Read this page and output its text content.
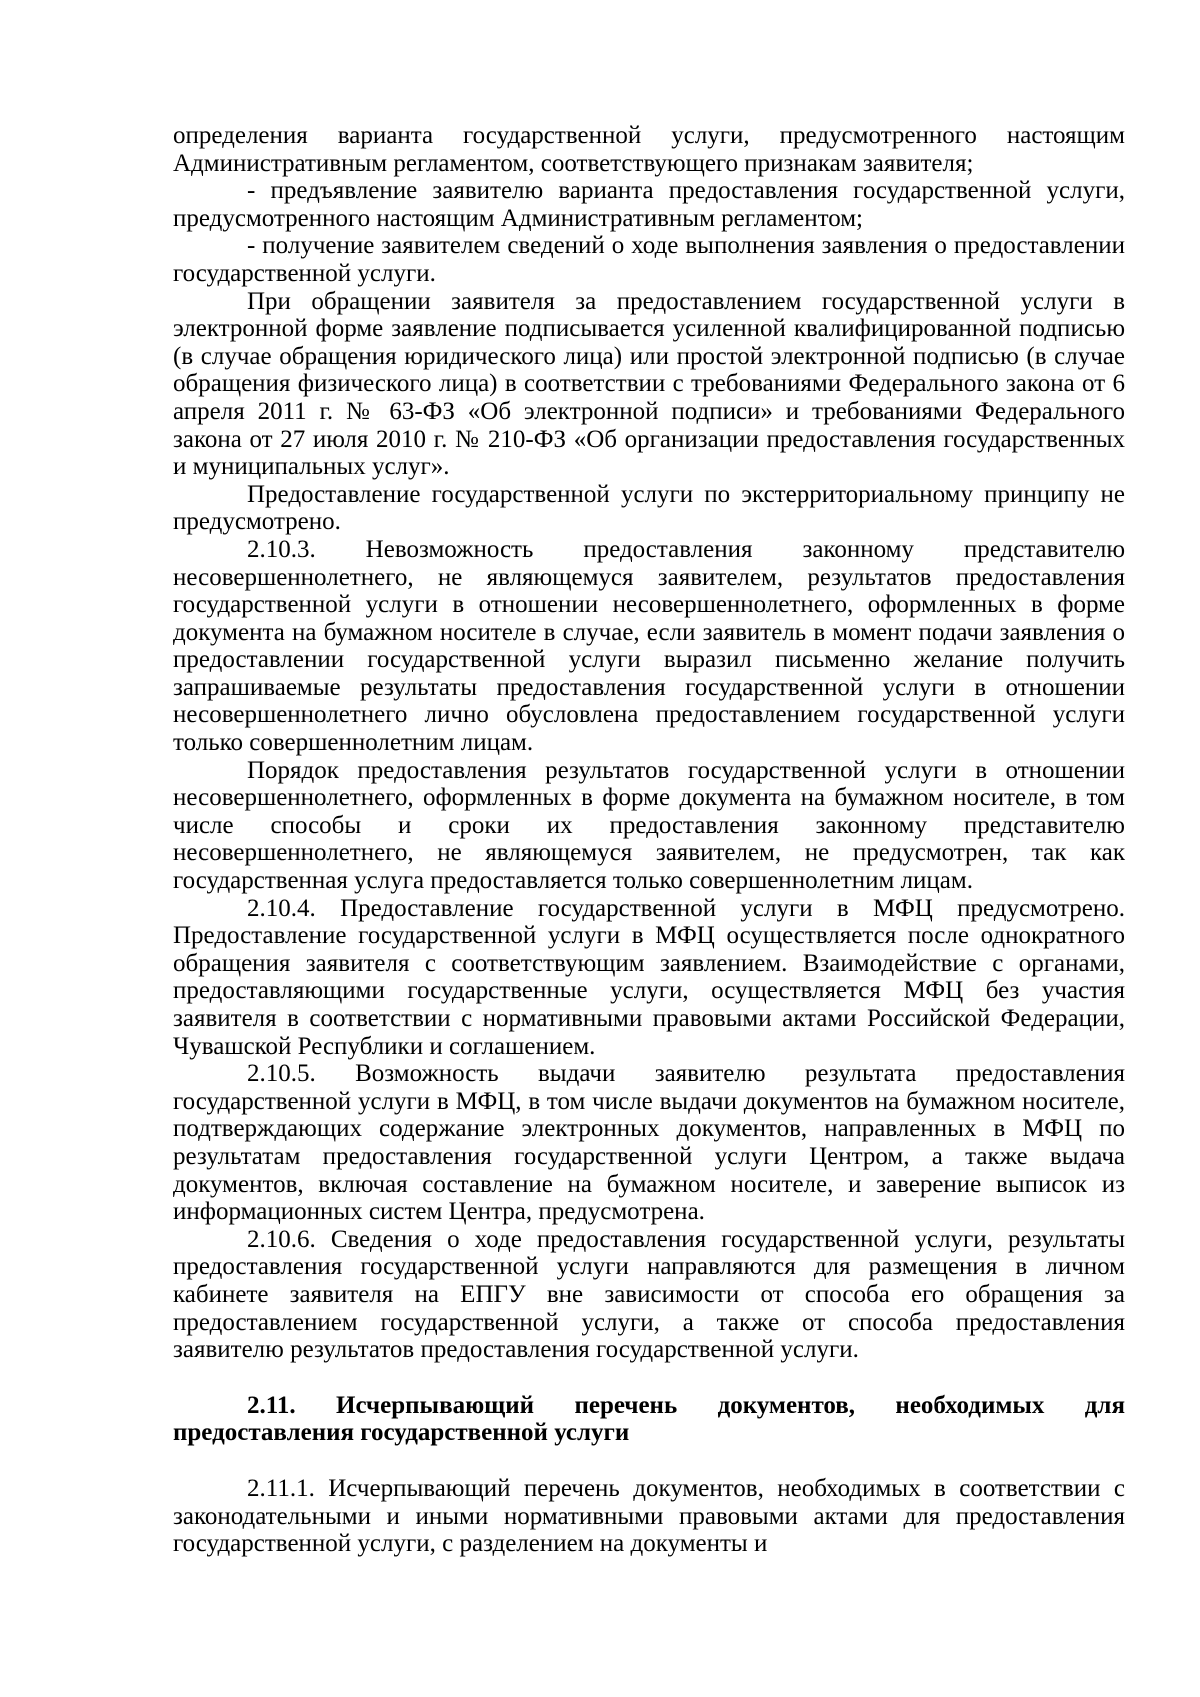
определения варианта государственной услуги, предусмотренного настоящим Административным регламентом, соответствующего признакам заявителя;

- предъявление заявителю варианта предоставления государственной услуги, предусмотренного настоящим Административным регламентом;

- получение заявителем сведений о ходе выполнения заявления о предоставлении государственной услуги.

При обращении заявителя за предоставлением государственной услуги в электронной форме заявление подписывается усиленной квалифицированной подписью (в случае обращения юридического лица) или простой электронной подписью (в случае обращения физического лица) в соответствии с требованиями Федерального закона от 6 апреля 2011 г. № 63-ФЗ «Об электронной подписи» и требованиями Федерального закона от 27 июля 2010 г. № 210-ФЗ «Об организации предоставления государственных и муниципальных услуг».

Предоставление государственной услуги по экстерриториальному принципу не предусмотрено.

2.10.3. Невозможность предоставления законному представителю несовершеннолетнего, не являющемуся заявителем, результатов предоставления государственной услуги в отношении несовершеннолетнего, оформленных в форме документа на бумажном носителе в случае, если заявитель в момент подачи заявления о предоставлении государственной услуги выразил письменно желание получить запрашиваемые результаты предоставления государственной услуги в отношении несовершеннолетнего лично обусловлена предоставлением государственной услуги только совершеннолетним лицам.

Порядок предоставления результатов государственной услуги в отношении несовершеннолетнего, оформленных в форме документа на бумажном носителе, в том числе способы и сроки их предоставления законному представителю несовершеннолетнего, не являющемуся заявителем, не предусмотрен, так как государственная услуга предоставляется только совершеннолетним лицам.

2.10.4. Предоставление государственной услуги в МФЦ предусмотрено. Предоставление государственной услуги в МФЦ осуществляется после однократного обращения заявителя с соответствующим заявлением. Взаимодействие с органами, предоставляющими государственные услуги, осуществляется МФЦ без участия заявителя в соответствии с нормативными правовыми актами Российской Федерации, Чувашской Республики и соглашением.

2.10.5. Возможность выдачи заявителю результата предоставления государственной услуги в МФЦ, в том числе выдачи документов на бумажном носителе, подтверждающих содержание электронных документов, направленных в МФЦ по результатам предоставления государственной услуги Центром, а также выдача документов, включая составление на бумажном носителе, и заверение выписок из информационных систем Центра, предусмотрена.

2.10.6. Сведения о ходе предоставления государственной услуги, результаты предоставления государственной услуги направляются для размещения в личном кабинете заявителя на ЕПГУ вне зависимости от способа его обращения за предоставлением государственной услуги, а также от способа предоставления заявителю результатов предоставления государственной услуги.

2.11. Исчерпывающий перечень документов, необходимых для предоставления государственной услуги

2.11.1. Исчерпывающий перечень документов, необходимых в соответствии с законодательными и иными нормативными правовыми актами для предоставления государственной услуги, с разделением на документы и
